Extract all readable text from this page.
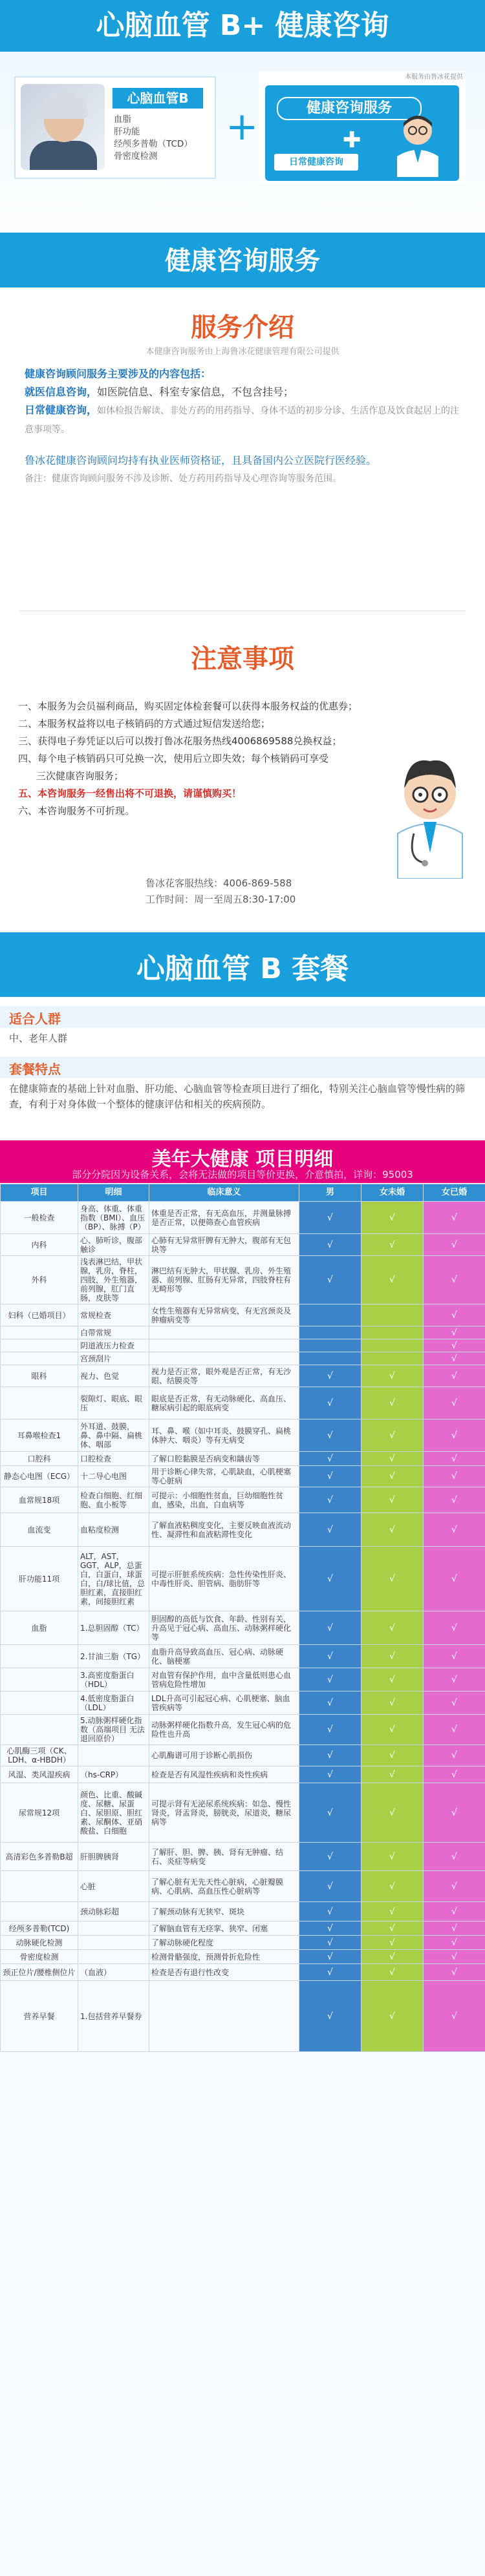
心脑血管 B+ 健康咨询
心脑血管B
血脂
肝功能
经颅多普勒（TCD）
骨密度检测
+
本服务由鲁冰花提供
健康咨询服务
✚
日常健康咨询
健康咨询服务
服务介绍
本健康咨询服务由上海鲁冰花健康管理有限公司提供
健康咨询顾问服务主要涉及的内容包括：
就医信息咨询，如医院信息、科室专家信息，不包含挂号；
日常健康咨询，如体检报告解读、非处方药的用药指导、身体不适的初步分诊、生活作息及饮食起居上的注意事项等。
鲁冰花健康咨询顾问均持有执业医师资格证，且具备国内公立医院行医经验。
备注：健康咨询顾问服务不涉及诊断、处方药用药指导及心理咨询等服务范围。
注意事项
一、本服务为会员福利商品，购买固定体检套餐可以获得本服务权益的优惠券；
二、本服务权益将以电子核销码的方式通过短信发送给您；
三、获得电子券凭证以后可以拨打鲁冰花服务热线4006869588兑换权益；
四、每个电子核销码只可兑换一次，使用后立即失效；每个核销码可享受
三次健康咨询服务；
五、本咨询服务一经售出将不可退换，请谨慎购买！
六、本咨询服务不可折现。
鲁冰花客服热线：4006-869-588
工作时间：周一至周五8:30-17:00
心脑血管 B 套餐
适合人群
中、老年人群
套餐特点
在健康筛查的基础上针对血脂、肝功能、心脑血管等检查项目进行了细化，特别关注心脑血管等慢性病的筛查，有利于对身体做一个整体的健康评估和相关的疾病预防。
美年大健康 项目明细
部分分院因为设备关系，会将无法做的项目等价更换，介意慎拍，详询：95003
项目	明细	临床意义	男	女未婚	女已婚
一般检查	身高、体重、体重指数（BMI）、血压（BP）、脉搏（P）	体重是否正常，有无高血压，并测量脉搏是否正常，以便筛查心血管疾病	√	√	√
内科	心、肺听诊，腹部触诊	心肺有无异常肝脾有无肿大，腹部有无包块等	√	√	√
外科	浅表淋巴结，甲状腺，乳房，脊柱，四肢，外生殖器，前列腺，肛门直肠，皮肤等	淋巴结有无肿大，甲状腺、乳房、外生殖器、前列腺、肛肠有无异常，四肢脊柱有无畸形等	√	√	√
妇科（已婚项目）	常规检查	女性生殖器有无异常病变，有无宫颈炎及肿瘤病变等			√
	白带常规				√
	阴道液压力检查				√
	宫颈刮片				√
眼科	视力、色觉	视力是否正常，眼外观是否正常，有无沙眼、结膜炎等	√	√	√
	裂隙灯、眼底、眼压	眼底是否正常，有无动脉硬化、高血压、糖尿病引起的眼底病变	√	√	√
耳鼻喉检查1	外耳道、鼓膜，鼻、鼻中隔、扁桃体、咽部	耳、鼻、喉（如中耳炎、鼓膜穿孔、扁桃体肿大、咽炎）等有无病变	√	√	√
口腔科	口腔检查	了解口腔黏膜是否病变和龋齿等	√	√	√
静态心电图（ECG）	十二导心电图	用于诊断心律失常，心肌缺血，心肌梗塞等心脏病	√	√	√
血常规18项	检查白细胞、红细胞、血小板等	可提示：小细胞性贫血，巨幼细胞性贫血，感染，出血，白血病等	√	√	√
血流变	血粘度检测	了解血液粘稠度变化，主要反映血液流动性、凝滞性和血液粘滞性变化	√	√	√
肝功能11项	ALT，AST，GGT，ALP，总蛋白，白蛋白，球蛋白，白/球比值，总胆红素，直接胆红素，间接胆红素	可提示肝脏系统疾病：急性传染性肝炎、中毒性肝炎、胆管病、脂肪肝等	√	√	√
血脂	1.总胆固醇（TC）	胆固醇的高低与饮食、年龄、性别有关，升高见于冠心病、高血压、动脉粥样硬化等	√	√	√
	2.甘油三脂（TG）	血脂升高导致高血压、冠心病、动脉硬化、脑梗塞	√	√	√
	3.高密度脂蛋白（HDL）	对血管有保护作用，血中含量低则患心血管病危险性增加	√	√	√
	4.低密度脂蛋白（LDL）	LDL升高可引起冠心病、心肌梗塞、脑血管疾病等	√	√	√
	5.动脉粥样硬化指数（高端项目 无法退回原价）	动脉粥样硬化指数升高，发生冠心病的危险性也升高	√	√	√
心肌酶三项（CK、LDH、α-HBDH）		心肌酶谱可用于诊断心肌损伤	√	√	√
风湿、类风湿疾病	（hs-CRP）	检查是否有风湿性疾病和炎性疾病	√	√	√
尿常规12项	颜色、比重、酸碱度、尿糖、尿蛋白、尿胆原、胆红素、尿酮体、亚硝酸盐、白细胞	可提示肾有无泌尿系统疾病：如急、慢性肾炎，肾盂肾炎，膀胱炎，尿道炎，糖尿病等	√	√	√
高清彩色多普勒B超	肝胆脾胰肾	了解肝、胆、脾、胰、肾有无肿瘤、结石、炎症等病变	√	√	√
	心脏	了解心脏有无先天性心脏病，心脏瓣膜病、心肌病、高血压性心脏病等	√	√	√
	颈动脉彩超	了解颈动脉有无狭窄、斑块	√	√	√
经颅多普勒(TCD)		了解脑血管有无痉挛、狭窄、闭塞	√	√	√
动脉硬化检测		了解动脉硬化程度	√	√	√
骨密度检测		检测骨骼强度，预测骨折危险性	√	√	√
颈正位片/腰椎侧位片	（血液）	检查是否有退行性改变	√	√	√
营养早餐	1.包括营养早餐券		√	√	√
